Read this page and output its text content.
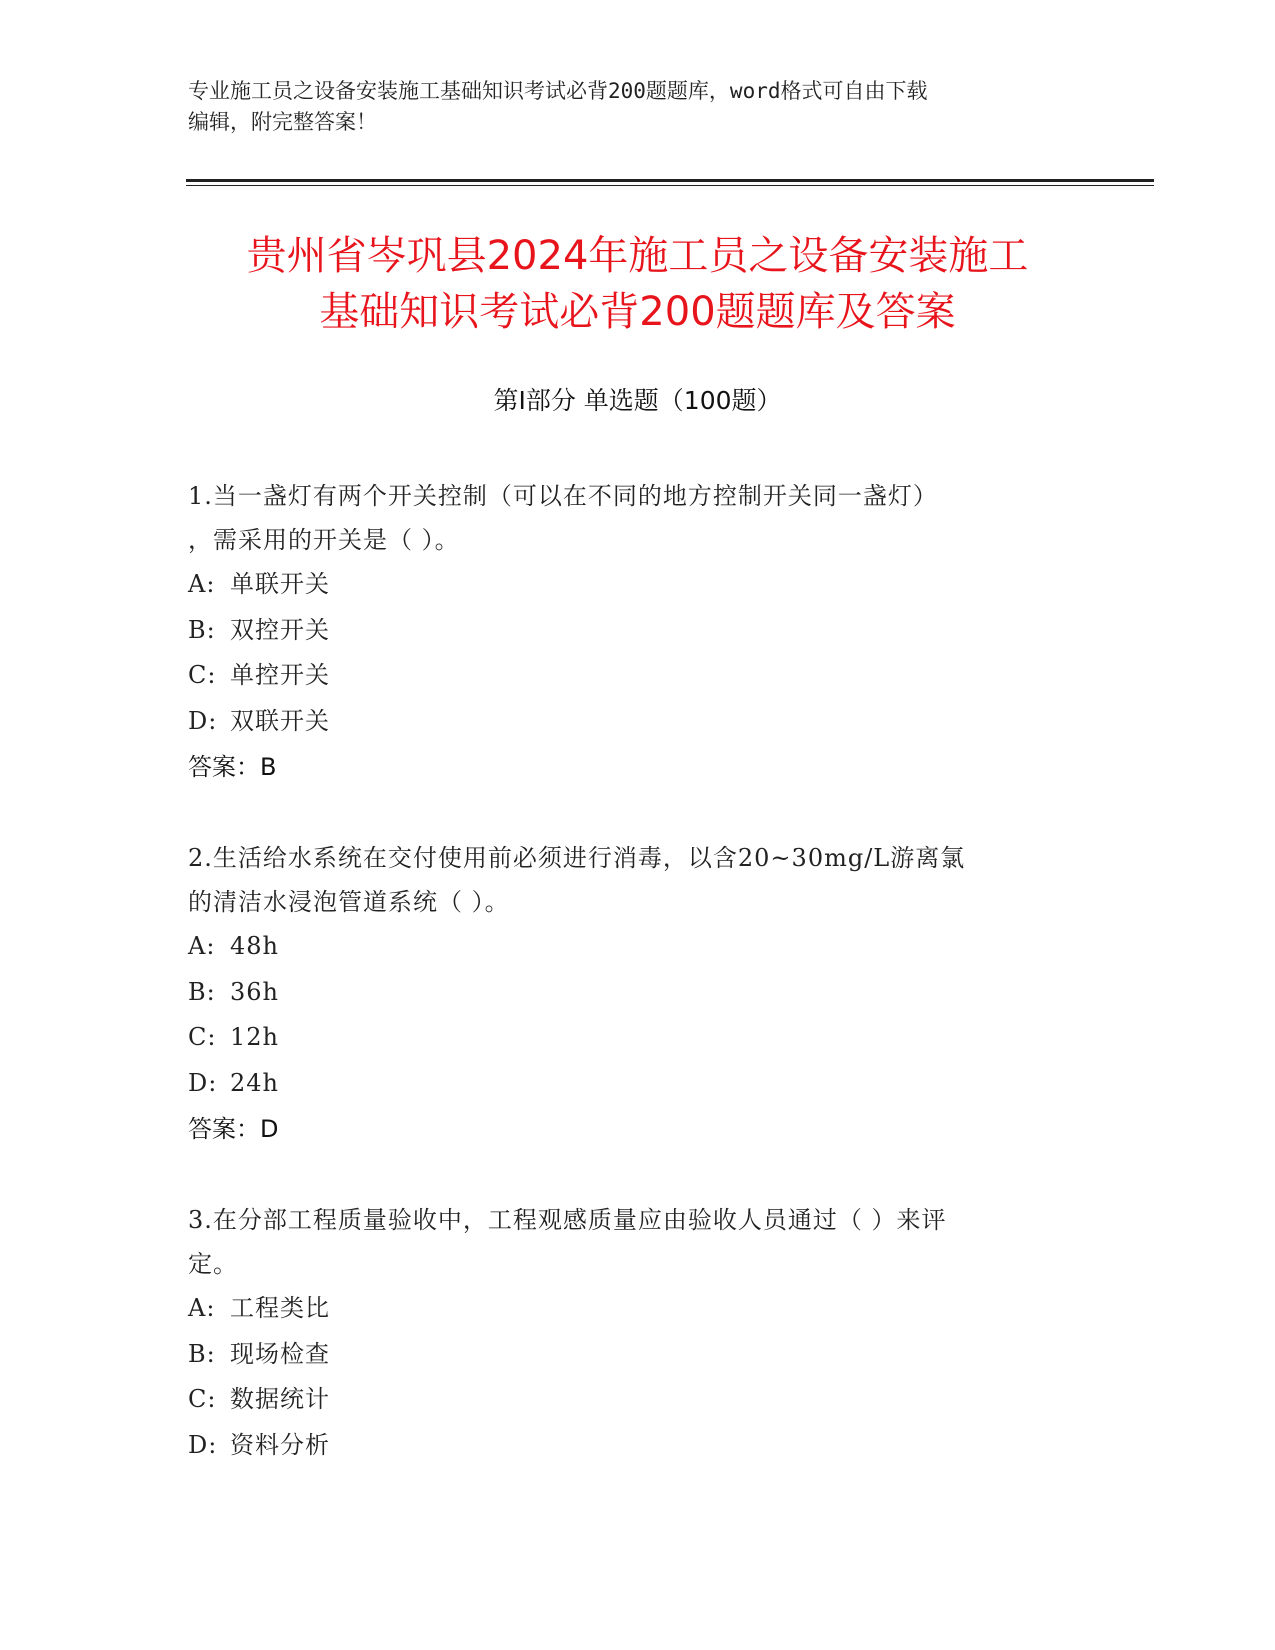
专业施工员之设备安装施工基础知识考试必背200题题库，word格式可自由下载
编辑，附完整答案！
贵州省岑巩县2024年施工员之设备安装施工
基础知识考试必背200题题库及答案
第Ⅰ部分 单选题（100题）

1.当一盏灯有两个开关控制（可以在不同的地方控制开关同一盏灯）

，需采用的开关是（ ）。

A: 单联开关

B: 双控开关

C: 单控开关

D: 双联开关

答案：B

2.生活给水系统在交付使用前必须进行消毒，以含20~30mg/L游离氯

的清洁水浸泡管道系统（ ）。

A: 48h

B: 36h

C: 12h

D: 24h

答案：D

3.在分部工程质量验收中，工程观感质量应由验收人员通过（ ）来评

定。

A: 工程类比

B: 现场检查

C: 数据统计

D: 资料分析
